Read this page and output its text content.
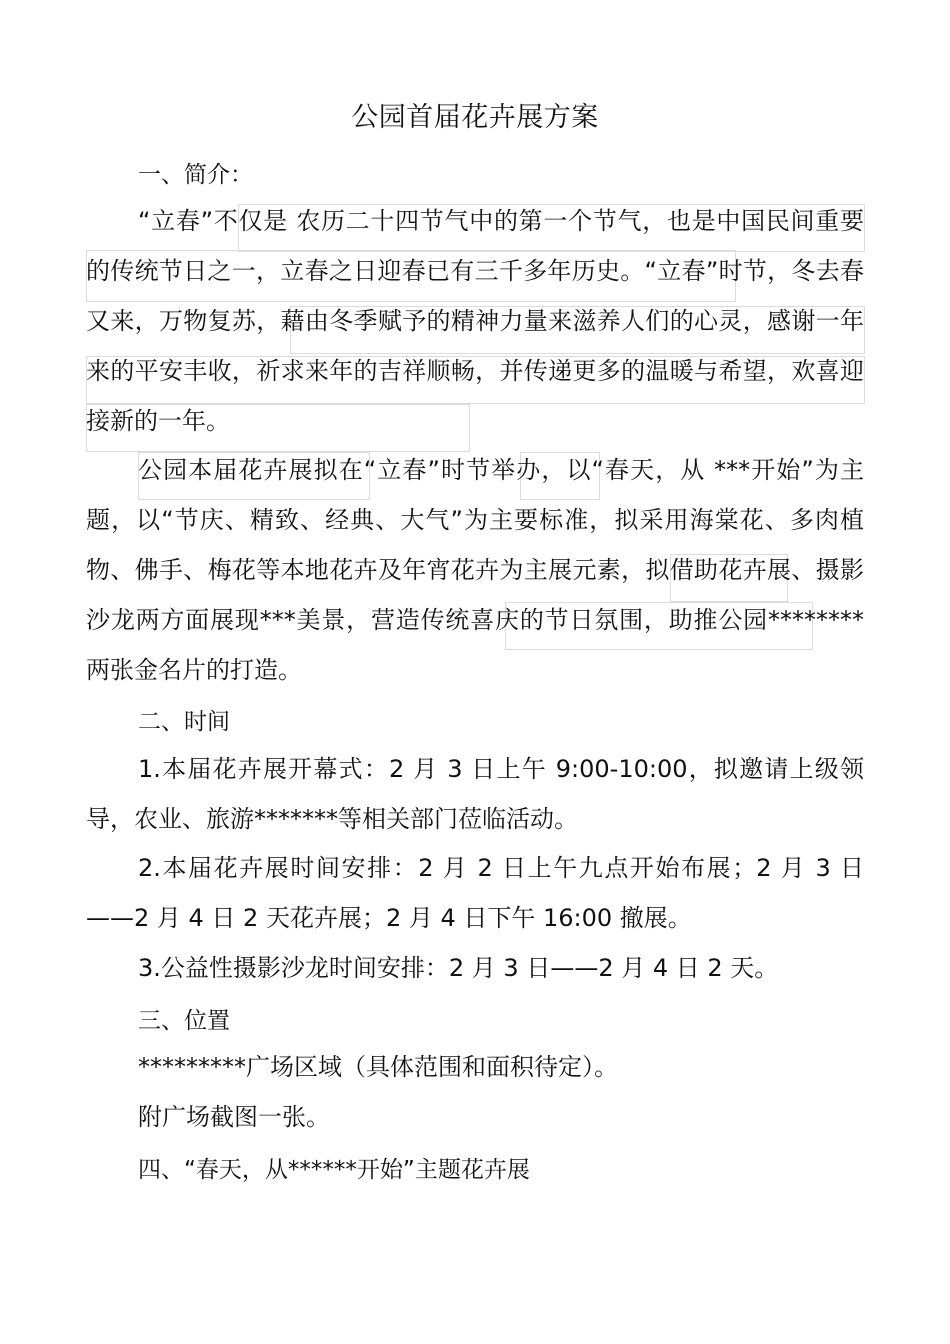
公园首届花卉展方案
一、简介：

“立春”不仅是 农历二十四节气中的第一个节气，也是中国民间重要的传统节日之一，立春之日迎春已有三千多年历史。“立春”时节，冬去春又来，万物复苏，藉由冬季赋予的精神力量来滋养人们的心灵，感谢一年来的平安丰收，祈求来年的吉祥顺畅，并传递更多的温暖与希望，欢喜迎接新的一年。

公园本届花卉展拟在“立春”时节举办，以“春天，从 ***开始”为主题，以“节庆、精致、经典、大气”为主要标准，拟采用海棠花、多肉植物、佛手、梅花等本地花卉及年宵花卉为主展元素，拟借助花卉展、摄影沙龙两方面展现***美景，营造传统喜庆的节日氛围，助推公园********两张金名片的打造。

二、时间

1.本届花卉展开幕式：2 月 3 日上午 9:00-10:00，拟邀请上级领导，农业、旅游*******等相关部门莅临活动。

2.本届花卉展时间安排：2 月 2 日上午九点开始布展；2 月 3 日——2 月 4 日 2 天花卉展；2 月 4 日下午 16:00 撤展。

3.公益性摄影沙龙时间安排：2 月 3 日——2 月 4 日 2 天。

三、位置
*********广场区域（具体范围和面积待定）。
附广场截图一张。
四、“春天，从******开始”主题花卉展
